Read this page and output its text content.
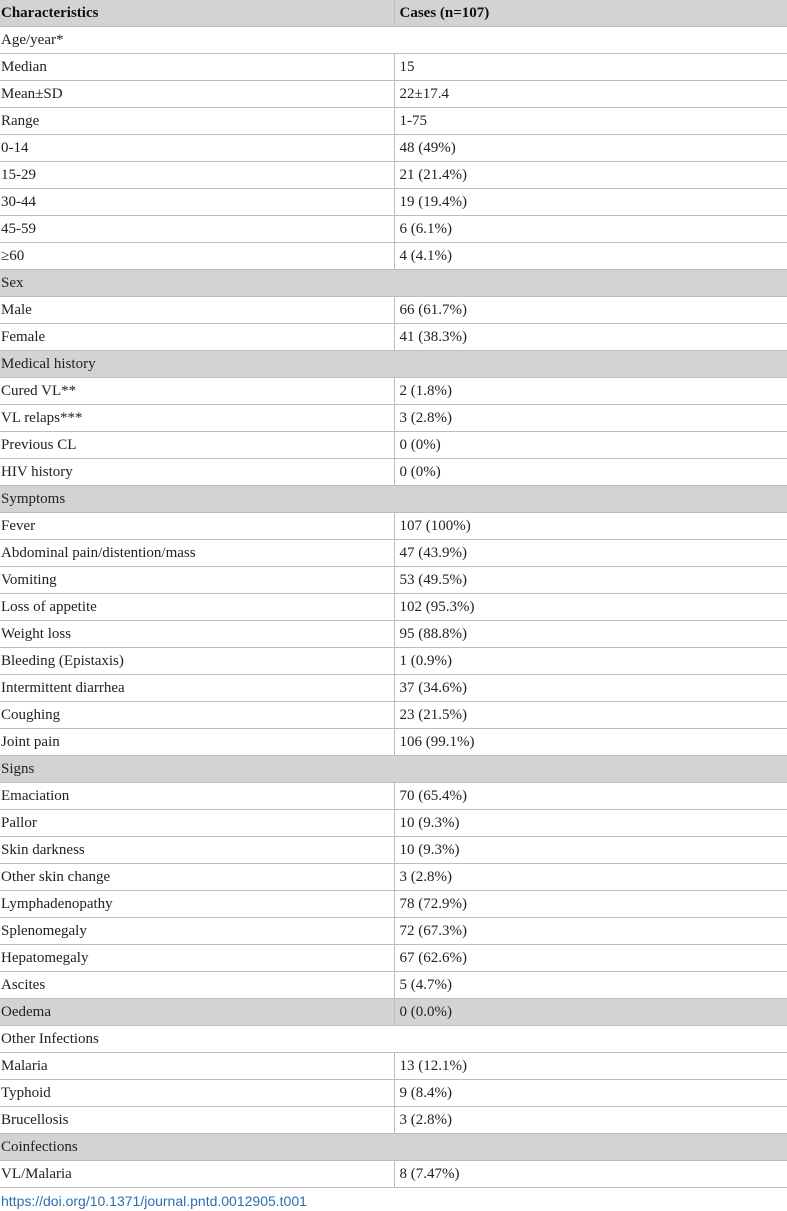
Characteristics	Cases (n=107)
Age/year*	
Median	15
Mean±SD	22±17.4
Range	1-75
0-14	48 (49%)
15-29	21 (21.4%)
30-44	19 (19.4%)
45-59	6 (6.1%)
≥60	4 (4.1%)
Sex	
Male	66 (61.7%)
Female	41 (38.3%)
Medical history	
Cured VL**	2 (1.8%)
VL relaps***	3 (2.8%)
Previous CL	0 (0%)
HIV history	0 (0%)
Symptoms	
Fever	107 (100%)
Abdominal pain/distention/mass	47 (43.9%)
Vomiting	53 (49.5%)
Loss of appetite	102 (95.3%)
Weight loss	95 (88.8%)
Bleeding (Epistaxis)	1 (0.9%)
Intermittent diarrhea	37 (34.6%)
Coughing	23 (21.5%)
Joint pain	106 (99.1%)
Signs	
Emaciation	70 (65.4%)
Pallor	10 (9.3%)
Skin darkness	10 (9.3%)
Other skin change	3 (2.8%)
Lymphadenopathy	78 (72.9%)
Splenomegaly	72 (67.3%)
Hepatomegaly	67 (62.6%)
Ascites	5 (4.7%)
Oedema	0 (0.0%)
Other Infections	
Malaria	13 (12.1%)
Typhoid	9 (8.4%)
Brucellosis	3 (2.8%)
Coinfections	
VL/Malaria	8 (7.47%)
https://doi.org/10.1371/journal.pntd.0012905.t001
